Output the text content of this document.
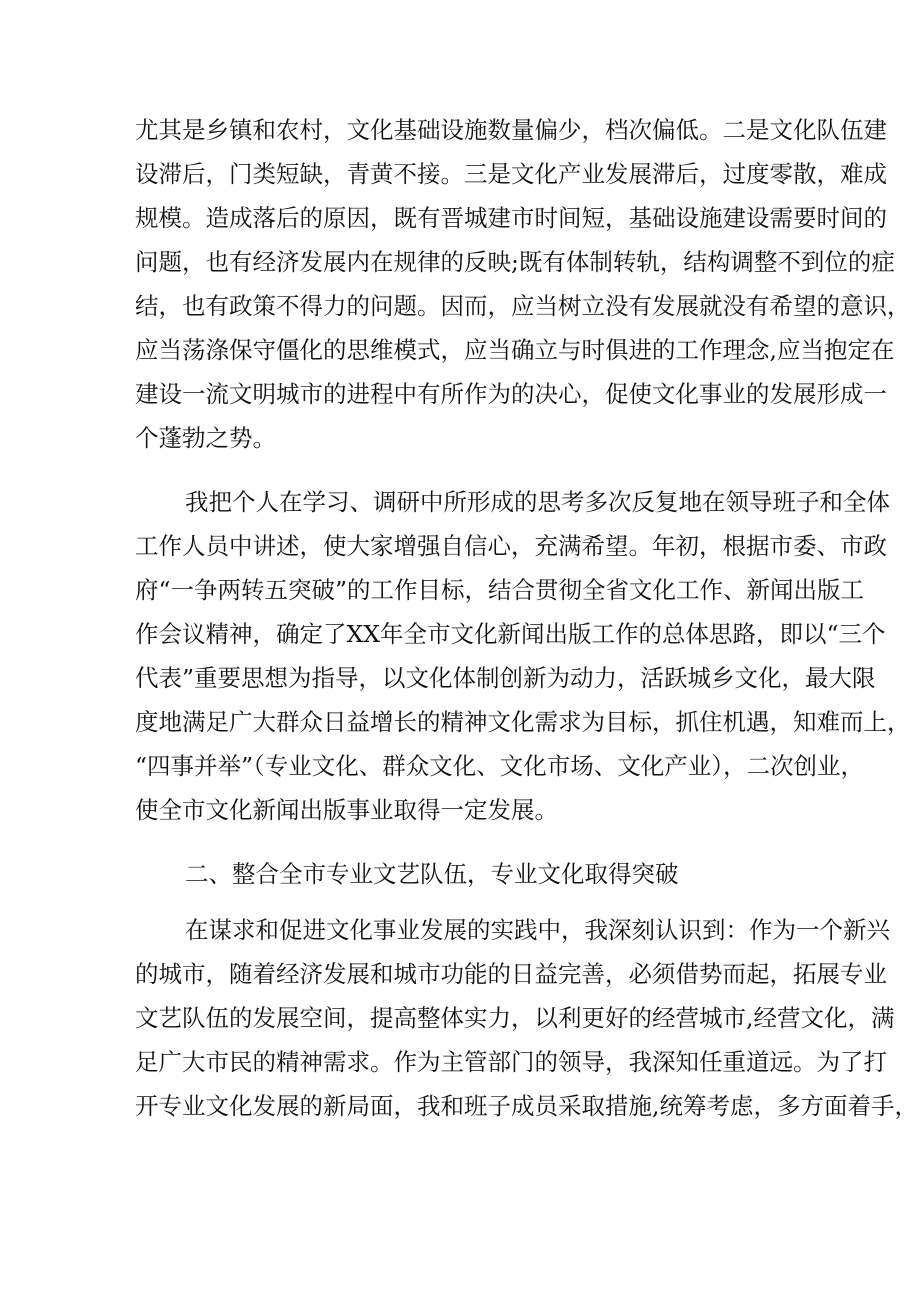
尤其是乡镇和农村，文化基础设施数量偏少，档次偏低。二是文化队伍建
设滞后，门类短缺，青黄不接。三是文化产业发展滞后，过度零散，难成
规模。造成落后的原因，既有晋城建市时间短，基础设施建设需要时间的
问题，也有经济发展内在规律的反映;既有体制转轨，结构调整不到位的症
结，也有政策不得力的问题。因而，应当树立没有发展就没有希望的意识，
应当荡涤保守僵化的思维模式，应当确立与时俱进的工作理念,应当抱定在
建设一流文明城市的进程中有所作为的决心，促使文化事业的发展形成一
个蓬勃之势。
我把个人在学习、调研中所形成的思考多次反复地在领导班子和全体
工作人员中讲述，使大家增强自信心，充满希望。年初，根据市委、市政
府“一争两转五突破”的工作目标，结合贯彻全省文化工作、新闻出版工
作会议精神，确定了XX年全市文化新闻出版工作的总体思路，即以“三个
代表”重要思想为指导，以文化体制创新为动力，活跃城乡文化，最大限
度地满足广大群众日益增长的精神文化需求为目标，抓住机遇，知难而上，
“四事并举”（专业文化、群众文化、文化市场、文化产业），二次创业，
使全市文化新闻出版事业取得一定发展。
二、整合全市专业文艺队伍，专业文化取得突破
在谋求和促进文化事业发展的实践中，我深刻认识到：作为一个新兴
的城市，随着经济发展和城市功能的日益完善，必须借势而起，拓展专业
文艺队伍的发展空间，提高整体实力，以利更好的经营城市,经营文化，满
足广大市民的精神需求。作为主管部门的领导，我深知任重道远。为了打
开专业文化发展的新局面，我和班子成员采取措施,统筹考虑，多方面着手，
